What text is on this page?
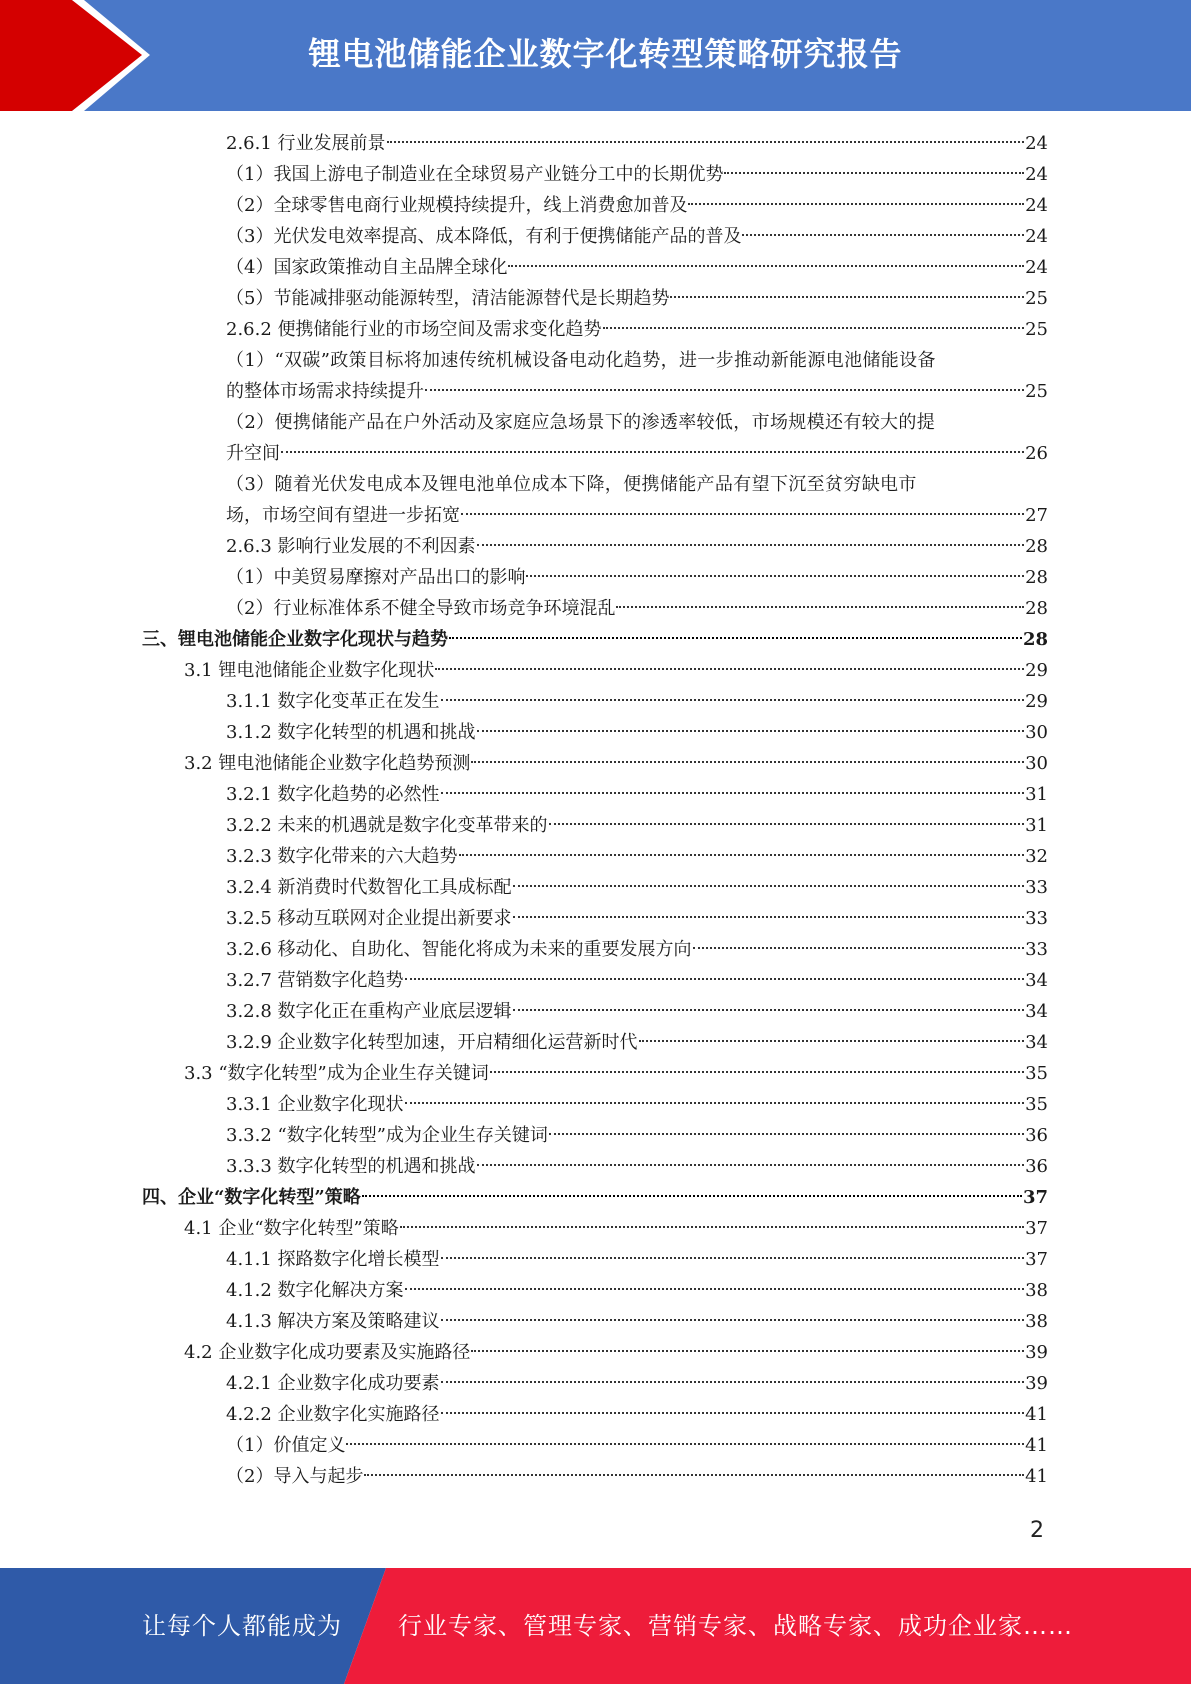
锂电池储能企业数字化转型策略研究报告
2.6.1 行业发展前景	24
（1）我国上游电子制造业在全球贸易产业链分工中的长期优势	24
（2）全球零售电商行业规模持续提升，线上消费愈加普及	24
（3）光伏发电效率提高、成本降低，有利于便携储能产品的普及	24
（4）国家政策推动自主品牌全球化	24
（5）节能减排驱动能源转型，清洁能源替代是长期趋势	25
2.6.2 便携储能行业的市场空间及需求变化趋势	25
（1）“双碳”政策目标将加速传统机械设备电动化趋势，进一步推动新能源电池储能设备
的整体市场需求持续提升	25
（2）便携储能产品在户外活动及家庭应急场景下的渗透率较低，市场规模还有较大的提
升空间	26
（3）随着光伏发电成本及锂电池单位成本下降，便携储能产品有望下沉至贫穷缺电市
场，市场空间有望进一步拓宽	27
2.6.3 影响行业发展的不利因素	28
（1）中美贸易摩擦对产品出口的影响	28
（2）行业标准体系不健全导致市场竞争环境混乱	28
三、锂电池储能企业数字化现状与趋势	28
3.1 锂电池储能企业数字化现状	29
3.1.1 数字化变革正在发生	29
3.1.2 数字化转型的机遇和挑战	30
3.2 锂电池储能企业数字化趋势预测	30
3.2.1 数字化趋势的必然性	31
3.2.2 未来的机遇就是数字化变革带来的	31
3.2.3 数字化带来的六大趋势	32
3.2.4 新消费时代数智化工具成标配	33
3.2.5 移动互联网对企业提出新要求	33
3.2.6 移动化、自助化、智能化将成为未来的重要发展方向	33
3.2.7 营销数字化趋势	34
3.2.8 数字化正在重构产业底层逻辑	34
3.2.9 企业数字化转型加速，开启精细化运营新时代	34
3.3 “数字化转型”成为企业生存关键词	35
3.3.1 企业数字化现状	35
3.3.2 “数字化转型”成为企业生存关键词	36
3.3.3 数字化转型的机遇和挑战	36
四、企业“数字化转型”策略	37
4.1 企业“数字化转型”策略	37
4.1.1 探路数字化增长模型	37
4.1.2 数字化解决方案	38
4.1.3 解决方案及策略建议	38
4.2 企业数字化成功要素及实施路径	39
4.2.1 企业数字化成功要素	39
4.2.2 企业数字化实施路径	41
（1）价值定义	41
（2）导入与起步	41
2
让每个人都能成为 行业专家、管理专家、营销专家、战略专家、成功企业家……
